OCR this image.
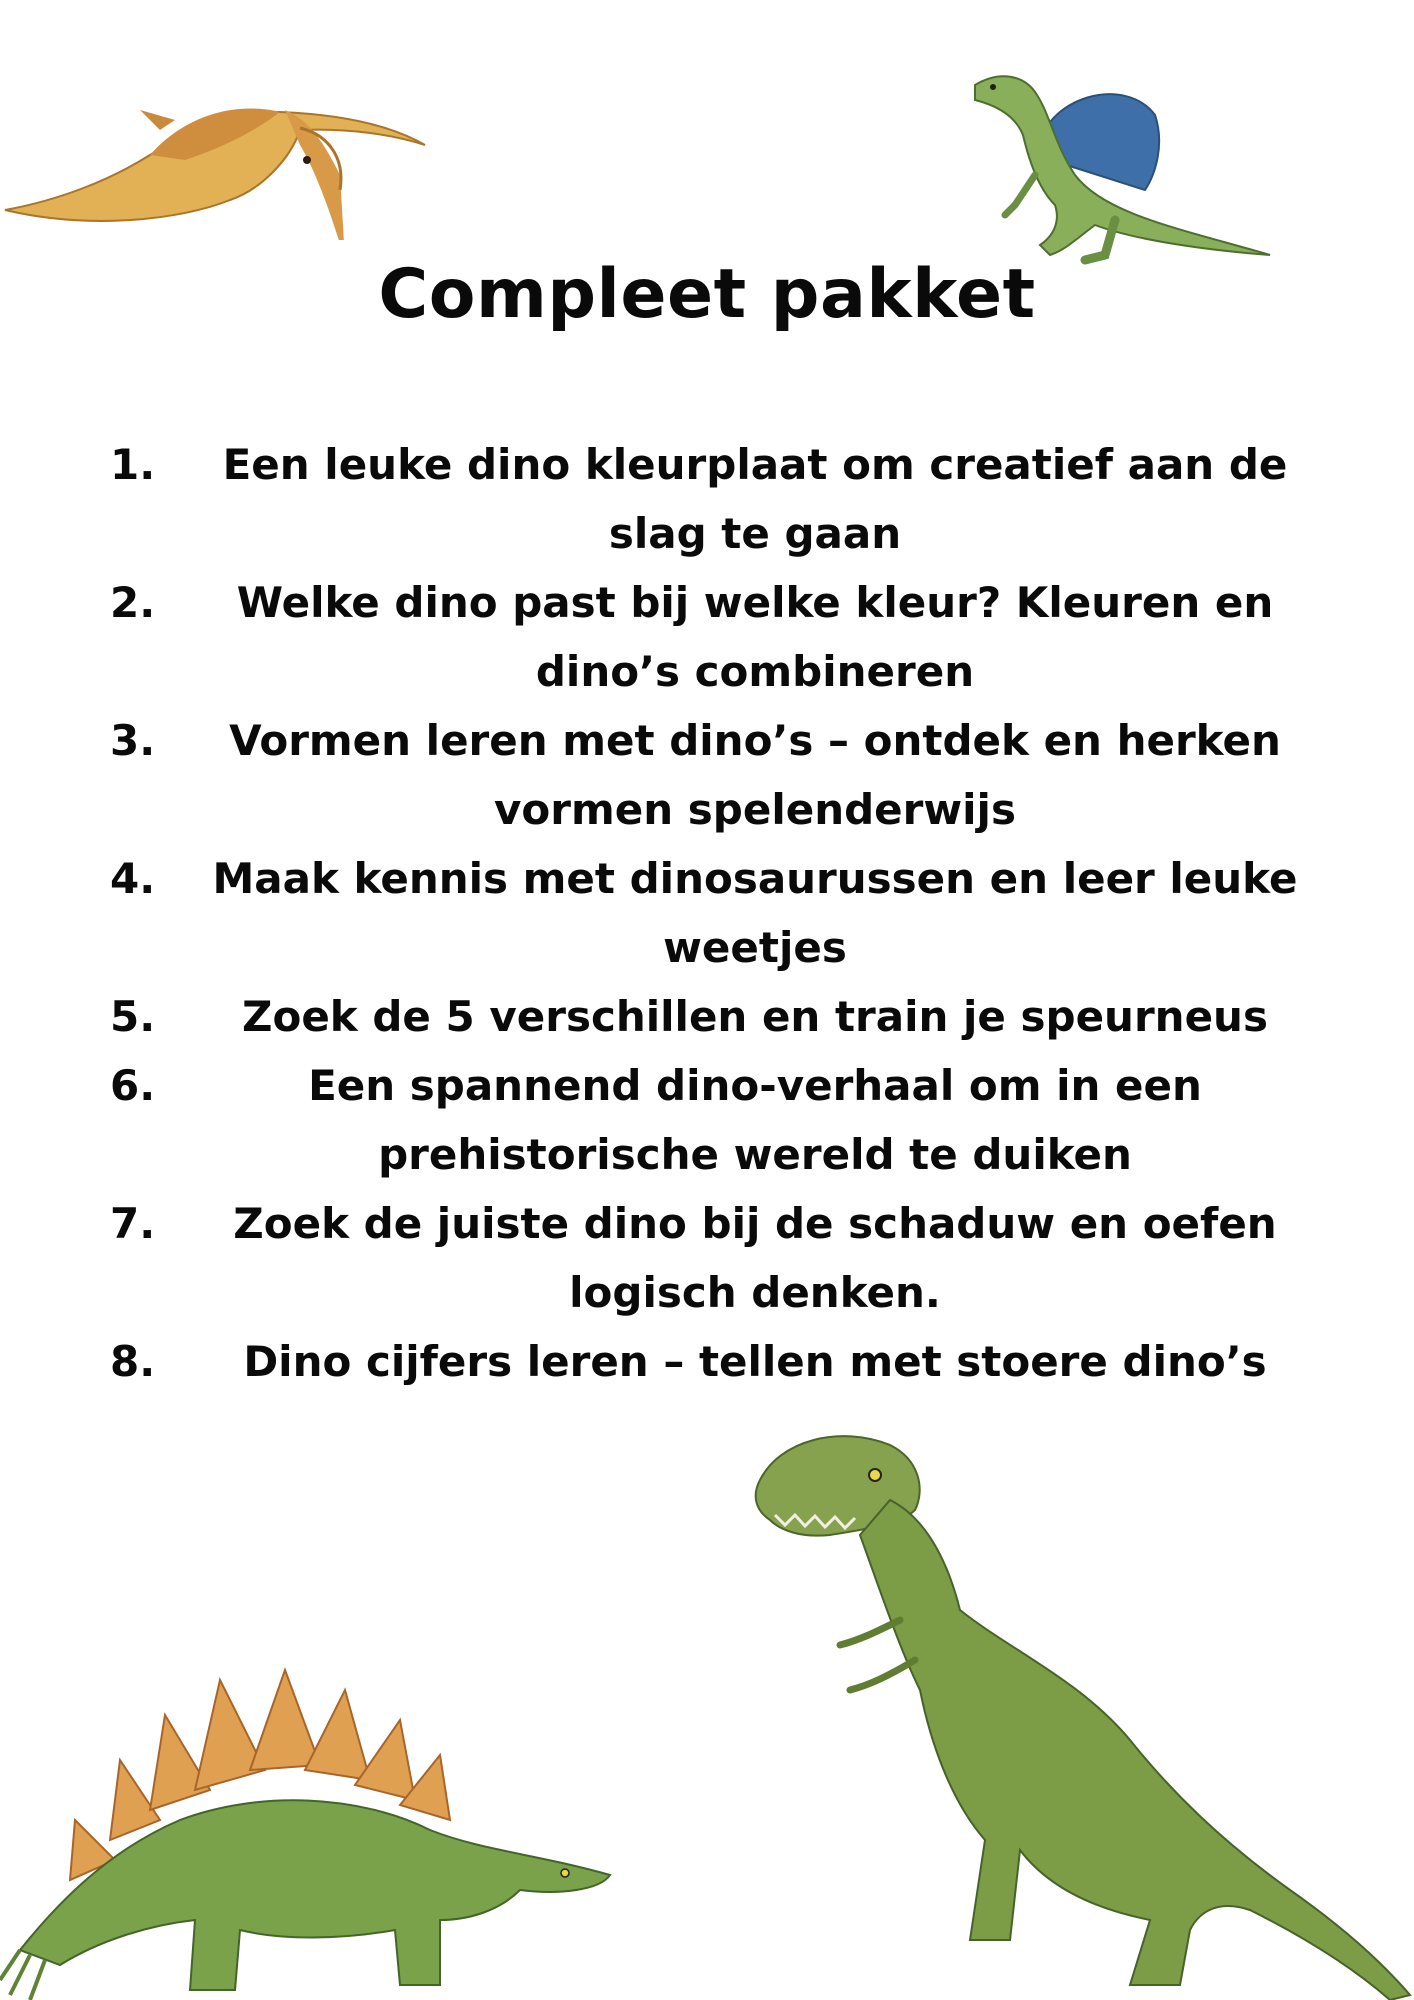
Compleet pakket
1.	Een leuke dino kleurplaat om creatief aan de slag te gaan
2.	Welke dino past bij welke kleur? Kleuren en dino’s combineren
3.	Vormen leren met dino’s – ontdek en herken vormen spelenderwijs
4.	Maak kennis met dinosaurussen en leer leuke weetjes
5.	Zoek de 5 verschillen en train je speurneus
6.	Een spannend dino-verhaal om in een prehistorische wereld te duiken
7.	Zoek de juiste dino bij de schaduw en oefen logisch denken.
8.	Dino cijfers leren – tellen met stoere dino’s
